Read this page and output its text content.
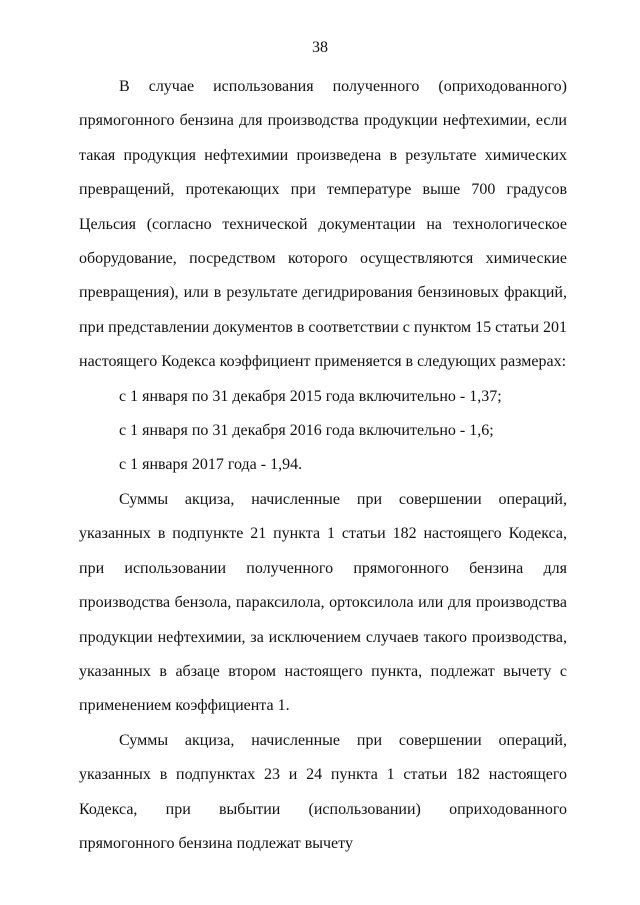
38

В случае использования полученного (оприходованного) прямогонного бензина для производства продукции нефтехимии, если такая продукция нефтехимии произведена в результате химических превращений, протекающих при температуре выше 700 градусов Цельсия (согласно технической документации на технологическое оборудование, посредством которого осуществляются химические превращения), или в результате дегидрирования бензиновых фракций, при представлении документов в соответствии с пунктом 15 статьи 201 настоящего Кодекса коэффициент применяется в следующих размерах:

с 1 января по 31 декабря 2015 года включительно - 1,37;

с 1 января по 31 декабря 2016 года включительно - 1,6;

с 1 января 2017 года - 1,94.

Суммы акциза, начисленные при совершении операций, указанных в подпункте 21 пункта 1 статьи 182 настоящего Кодекса, при использовании полученного прямогонного бензина для производства бензола, параксилола, ортоксилола или для производства продукции нефтехимии, за исключением случаев такого производства, указанных в абзаце втором настоящего пункта, подлежат вычету с применением коэффициента 1.

Суммы акциза, начисленные при совершении операций, указанных в подпунктах 23 и 24 пункта 1 статьи 182 настоящего Кодекса, при выбытии (использовании) оприходованного прямогонного бензина подлежат вычету
